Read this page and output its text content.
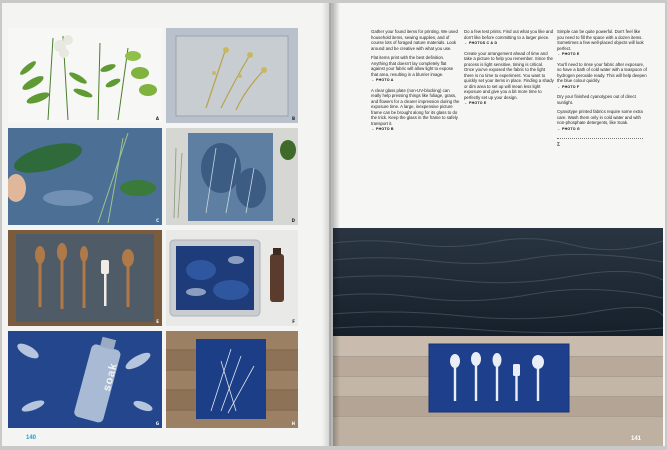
A	B
C	D
E	F
soak
G	H
140

Gather your found items for printing. We used household items, sewing supplies, and of course lots of foraged nature materials. Look around and be creative with what you use.

Flat items print with the best definition. Anything that doesn't lay completely flat against your fabric will allow light to expose that area, resulting in a blurrier image.

← PHOTO A

A clear glass plate (non-UV-blocking) can really help pressing things like foliage, grass, and flowers for a clearer impression during the exposure time. A large, inexpensive picture frame can be brought along for its glass to do the trick. Keep the glass in the frame to safely transport it.

← PHOTO B

Do a few test prints. Find out what you like and don't like before committing to a larger piece.

← PHOTOS C & D

Create your arrangement ahead of time and take a picture to help you remember. Since the process is light sensitive, timing is critical. Once you've exposed the fabric to the light there is no time to experiment. You want to quickly set your items in place. Finding a shady or dim area to set up will mean less light exposure and give you a bit more time to perfectly set up your design.

← PHOTO E

Simple can be quite powerful. Don't feel like you need to fill the space with a dozen items. Sometimes a few well-placed objects will look perfect.

← PHOTO E

You'll need to rinse your fabric after exposure, so have a bath of cold water with a teaspoon of hydrogen peroxide ready. This will help deepen the blue colour quickly.

← PHOTO F

Dry your finished cyanotypes out of direct sunlight.

Cyanotype printed fabrics require some extra care. Wash them only in cold water and with non-phosphate detergents, like Soak.

← PHOTO G
Σ
141
